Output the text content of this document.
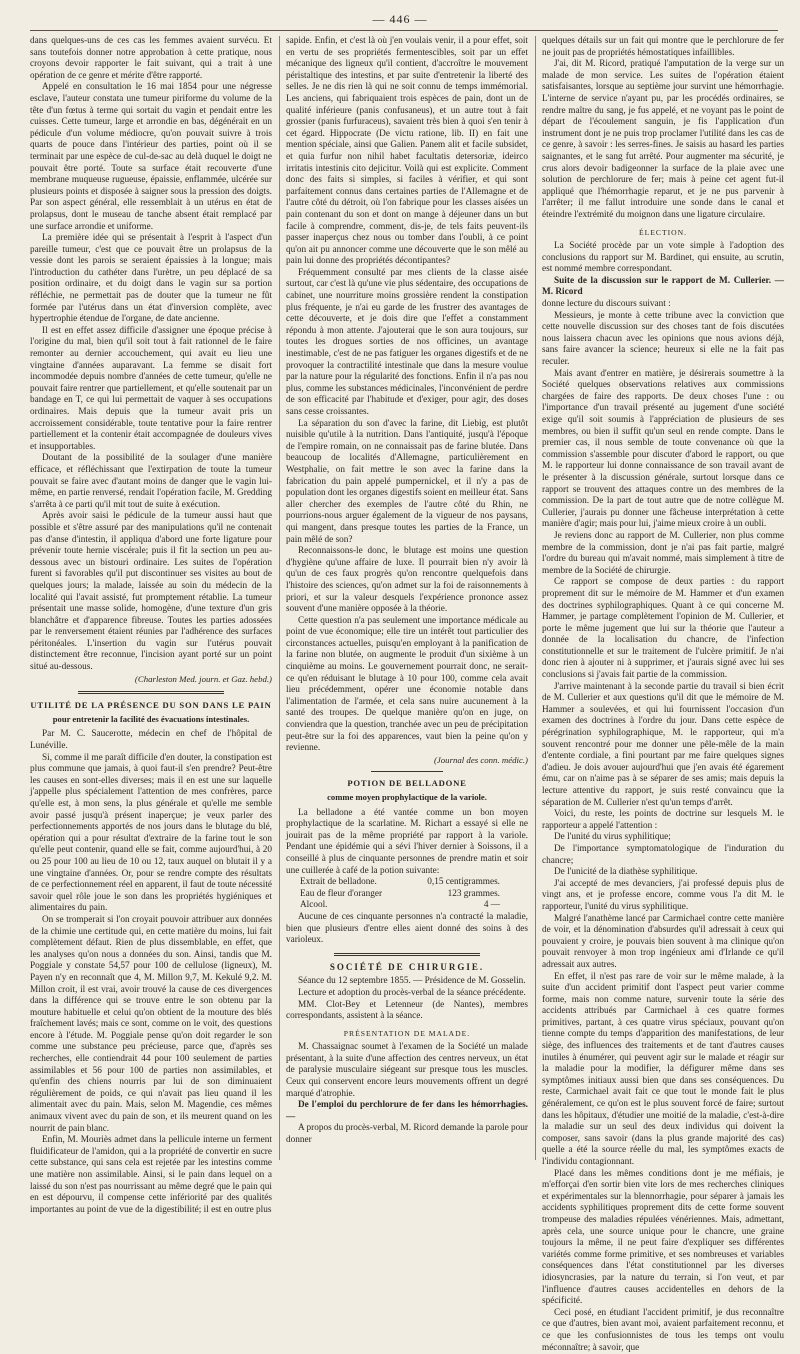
— 446 —

dans quelques-uns de ces cas les femmes avaient survécu. Et sans toutefois donner notre approbation à cette pratique, nous croyons devoir rapporter le fait suivant, qui a trait à une opération de ce genre et mérite d'être rapporté.

Appelé en consultation le 16 mai 1854 pour une négresse esclave, l'auteur constata une tumeur piriforme du volume de la tête d'un fœtus à terme qui sortait du vagin et pendait entre les cuisses. Cette tumeur, large et arrondie en bas, dégénérait en un pédicule d'un volume médiocre, qu'on pouvait suivre à trois quarts de pouce dans l'intérieur des parties, point où il se terminait par une espèce de cul-de-sac au delà duquel le doigt ne pouvait être porté. Toute sa surface était recouverte d'une membrane muqueuse rugueuse, épaissie, enflammée, ulcérée sur plusieurs points et disposée à saigner sous la pression des doigts. Par son aspect général, elle ressemblait à un utérus en état de prolapsus, dont le museau de tanche absent était remplacé par une surface arrondie et uniforme.

La première idée qui se présentait à l'esprit à l'aspect d'un pareille tumeur, c'est que ce pouvait être un prolapsus de la vessie dont les parois se seraient épaissies à la longue; mais l'introduction du cathéter dans l'urètre, un peu déplacé de sa position ordinaire, et du doigt dans le vagin sur sa portion réfléchie, ne permettait pas de douter que la tumeur ne fût formée par l'utérus dans un état d'inversion complète, avec hypertrophie étendue de l'organe, de date ancienne.

Il est en effet assez difficile d'assigner une époque précise à l'origine du mal, bien qu'il soit tout à fait rationnel de le faire remonter au dernier accouchement, qui avait eu lieu une vingtaine d'années auparavant. La femme se disait fort incommodée depuis nombre d'années de cette tumeur, qu'elle ne pouvait faire rentrer que partiellement, et qu'elle soutenait par un bandage en T, ce qui lui permettait de vaquer à ses occupations ordinaires. Mais depuis que la tumeur avait pris un accroissement considérable, toute tentative pour la faire rentrer partiellement et la contenir était accompagnée de douleurs vives et insupportables.

Doutant de la possibilité de la soulager d'une manière efficace, et réfléchissant que l'extirpation de toute la tumeur pouvait se faire avec d'autant moins de danger que le vagin lui-même, en partie renversé, rendait l'opération facile, M. Gredding s'arrêta à ce parti qu'il mit tout de suite à exécution.

Après avoir saisi le pédicule de la tumeur aussi haut que possible et s'être assuré par des manipulations qu'il ne contenait pas d'anse d'intestin, il appliqua d'abord une forte ligature pour prévenir toute hernie viscérale; puis il fit la section un peu au-dessous avec un bistouri ordinaire. Les suites de l'opération furent si favorables qu'il put discontinuer ses visites au bout de quelques jours; la malade, laissée au soin du médecin de la localité qui l'avait assisté, fut promptement rétablie. La tumeur présentait une masse solide, homogène, d'une texture d'un gris blanchâtre et d'apparence fibreuse. Toutes les parties adossées par le renversement étaient réunies par l'adhérence des surfaces péritonéales. L'insertion du vagin sur l'utérus pouvait distinctement être reconnue, l'incision ayant porté sur un point situé au-dessous.

(Charleston Med. journ. et Gaz. hebd.)
UTILITÉ DE LA PRÉSENCE DU SON DANS LE PAIN
pour entretenir la facilité des évacuations intestinales.

Par M. C. Saucerotte, médecin en chef de l'hôpital de Lunéville.

Si, comme il me paraît difficile d'en douter, la constipation est plus commune que jamais, à quoi faut-il s'en prendre? Peut-être les causes en sont-elles diverses; mais il en est une sur laquelle j'appelle plus spécialement l'attention de mes confrères, parce qu'elle est, à mon sens, la plus générale et qu'elle me semble avoir passé jusqu'à présent inaperçue; je veux parler des perfectionnements apportés de nos jours dans le blutage du blé, opération qui a pour résultat d'extraire de la farine tout le son qu'elle peut contenir, quand elle se fait, comme aujourd'hui, à 20 ou 25 pour 100 au lieu de 10 ou 12, taux auquel on blutait il y a une vingtaine d'années. Or, pour se rendre compte des résultats de ce perfectionnement réel en apparent, il faut de toute nécessité savoir quel rôle joue le son dans les propriétés hygiéniques et alimentaires du pain.

On se tromperait si l'on croyait pouvoir attribuer aux données de la chimie une certitude qui, en cette matière du moins, lui fait complètement défaut. Rien de plus dissemblable, en effet, que les analyses qu'on nous a données du son. Ainsi, tandis que M. Poggiale y constate 54,57 pour 100 de cellulose (ligneux), M. Payen n'y en reconnaît que 4, M. Millon 9,7, M. Kekulé 9,2. M. Millon croit, il est vrai, avoir trouvé la cause de ces divergences dans la différence qui se trouve entre le son obtenu par la mouture habituelle et celui qu'on obtient de la mouture des blés fraîchement lavés; mais ce sont, comme on le voit, des questions encore à l'étude. M. Poggiale pense qu'on doit regarder le son comme une substance peu précieuse, parce que, d'après ses recherches, elle contiendrait 44 pour 100 seulement de parties assimilables et 56 pour 100 de parties non assimilables, et qu'enfin des chiens nourris par lui de son diminuaient régulièrement de poids, ce qui n'avait pas lieu quand il les alimentait avec du pain. Mais, selon M. Magendie, ces mêmes animaux vivent avec du pain de son, et ils meurent quand on les nourrit de pain blanc.

Enfin, M. Mouriès admet dans la pellicule interne un ferment fluidificateur de l'amidon, qui a la propriété de convertir en sucre cette substance, qui sans cela est rejetée par les intestins comme une matière non assimilable. Ainsi, si le pain dans lequel on a laissé du son n'est pas nourrissant au même degré que le pain qui en est dépourvu, il compense cette infériorité par des qualités importantes au point de vue de la digestibilité; il est en outre plus

sapide. Enfin, et c'est là où j'en voulais venir, il a pour effet, soit en vertu de ses propriétés fermentescibles, soit par un effet mécanique des ligneux qu'il contient, d'accroître le mouvement péristaltique des intestins, et par suite d'entretenir la liberté des selles. Je ne dis rien là qui ne soit connu de temps immémorial. Les anciens, qui fabriquaient trois espèces de pain, dont un de qualité inférieure (panis confusaneus), et un autre tout à fait grossier (panis furfuraceus), savaient très bien à quoi s'en tenir à cet égard. Hippocrate (De victu ratione, lib. II) en fait une mention spéciale, ainsi que Galien. Panem alit et facile subsidet, et quia furfur non nihil habet facultatis detersoriæ, ideirco irritatis intestinis cito dejicitur. Voilà qui est explicite. Comment donc des faits si simples, si faciles à vérifier, et qui sont parfaitement connus dans certaines parties de l'Allemagne et de l'autre côté du détroit, où l'on fabrique pour les classes aisées un pain contenant du son et dont on mange à déjeuner dans un but facile à comprendre, comment, dis-je, de tels faits peuvent-ils passer inaperçus chez nous ou tomber dans l'oubli, à ce point qu'on ait pu annoncer comme une découverte que le son mêlé au pain lui donne des propriétés décontipantes?

Fréquemment consulté par mes clients de la classe aisée surtout, car c'est là qu'une vie plus sédentaire, des occupations de cabinet, une nourriture moins grossière rendent la constipation plus fréquente, je n'ai eu garde de les frustrer des avantages de cette découverte, et je dois dire que l'effet a constamment répondu à mon attente. J'ajouterai que le son aura toujours, sur toutes les drogues sorties de nos officines, un avantage inestimable, c'est de ne pas fatiguer les organes digestifs et de ne provoquer la contractilité intestinale que dans la mesure voulue par la nature pour la régularité des fonctions. Enfin il n'a pas nou plus, comme les substances médicinales, l'inconvénient de perdre de son efficacité par l'habitude et d'exiger, pour agir, des doses sans cesse croissantes.

La séparation du son d'avec la farine, dit Liebig, est plutôt nuisible qu'utile à la nutrition. Dans l'antiquité, jusqu'à l'époque de l'empire romain, on ne connaissait pas de farine blutée. Dans beaucoup de localités d'Allemagne, particulièrement en Westphalie, on fait mettre le son avec la farine dans la fabrication du pain appelé pumpernickel, et il n'y a pas de population dont les organes digestifs soient en meilleur état. Sans aller chercher des exemples de l'autre côté du Rhin, ne pourrions-nous arguer également de la vigueur de nos paysans, qui mangent, dans presque toutes les parties de la France, un pain mêlé de son?

Reconnaissons-le donc, le blutage est moins une question d'hygiène qu'une affaire de luxe. Il pourrait bien n'y avoir là qu'un de ces faux progrès qu'on rencontre quelquefois dans l'histoire des sciences, qu'on admet sur la foi de raisonnements à priori, et sur la valeur desquels l'expérience prononce assez souvent d'une manière opposée à la théorie.

Cette question n'a pas seulement une importance médicale au point de vue économique; elle tire un intérêt tout particulier des circonstances actuelles, puisqu'en employant à la panification de la farine non blutée, on augmente le produit d'un sixième à un cinquième au moins. Le gouvernement pourrait donc, ne serait-ce qu'en réduisant le blutage à 10 pour 100, comme cela avait lieu précédemment, opérer une économie notable dans l'alimentation de l'armée, et cela sans nuire aucunement à la santé des troupes. De quelque manière qu'on en juge, on conviendra que la question, tranchée avec un peu de précipitation peut-être sur la foi des apparences, vaut bien la peine qu'on y revienne.

(Journal des conn. médic.)
POTION DE BELLADONE
comme moyen prophylactique de la variole.

La belladone a été vantée comme un bon moyen prophylactique de la scarlatine. M. Richart a essayé si elle ne jouirait pas de la même propriété par rapport à la variole. Pendant une épidémie qui a sévi l'hiver dernier à Soissons, il a conseillé à plus de cinquante personnes de prendre matin et soir une cuillerée à café de la potion suivante:

Extrait de belladone.	0,15 centigrammes.
Eau de fleur d'oranger	123 grammes.
Alcool.	4 —

Aucune de ces cinquante personnes n'a contracté la maladie, bien que plusieurs d'entre elles aient donné des soins à des varioleux.

SOCIÉTÉ DE CHIRURGIE.

Séance du 12 septembre 1855. — Présidence de M. Gosselin.

Lecture et adoption du procès-verbal de la séance précédente.

MM. Clot-Bey et Letenneur (de Nantes), membres correspondants, assistent à la séance.

PRÉSENTATION DE MALADE.

M. Chassaignac soumet à l'examen de la Société un malade présentant, à la suite d'une affection des centres nerveux, un état de paralysie musculaire siégeant sur presque tous les muscles. Ceux qui conservent encore leurs mouvements offrent un degré marqué d'atrophie.

De l'emploi du perchlorure de fer dans les hémorrhagies. —

A propos du procès-verbal, M. Ricord demande la parole pour donner

quelques détails sur un fait qui montre que le perchlorure de fer ne jouit pas de propriétés hémostatiques infaillibles.

J'ai, dit M. Ricord, pratiqué l'amputation de la verge sur un malade de mon service. Les suites de l'opération étaient satisfaisantes, lorsque au septième jour survint une hémorrhagie. L'interne de service n'ayant pu, par les procédés ordinaires, se rendre maître du sang, je fus appelé, et ne voyant pas le point de départ de l'écoulement sanguin, je fis l'application d'un instrument dont je ne puis trop proclamer l'utilité dans les cas de ce genre, à savoir : les serres-fines. Je saisis au hasard les parties saignantes, et le sang fut arrêté. Pour augmenter ma sécurité, je crus alors devoir badigeonner la surface de la plaie avec une solution de perchlorure de fer; mais à peine cet agent fut-il appliqué que l'hémorrhagie reparut, et je ne pus parvenir à l'arrêter; il me fallut introduire une sonde dans le canal et éteindre l'extrémité du moignon dans une ligature circulaire.

ÉLECTION.

La Société procède par un vote simple à l'adoption des conclusions du rapport sur M. Bardinet, qui ensuite, au scrutin, est nommé membre correspondant.

Suite de la discussion sur le rapport de M. Cullerier. — M. Ricord

donne lecture du discours suivant :

Messieurs, je monte à cette tribune avec la conviction que cette nouvelle discussion sur des choses tant de fois discutées nous laissera chacun avec les opinions que nous avions déjà, sans faire avancer la science; heureux si elle ne la fait pas reculer.

Mais avant d'entrer en matière, je désirerais soumettre à la Société quelques observations relatives aux commissions chargées de faire des rapports. De deux choses l'une : ou l'importance d'un travail présenté au jugement d'une société exige qu'il soit soumis à l'appréciation de plusieurs de ses membres, ou bien il suffit qu'un seul en rende compte. Dans le premier cas, il nous semble de toute convenance où que la commission s'assemble pour discuter d'abord le rapport, ou que M. le rapporteur lui donne connaissance de son travail avant de le présenter à la discussion générale, surtout lorsque dans ce rapport se trouvent des attaques contre un des membres de la commission. De la part de tout autre que de notre collègue M. Cullerier, j'aurais pu donner une fâcheuse interprétation à cette manière d'agir; mais pour lui, j'aime mieux croire à un oubli.

Je reviens donc au rapport de M. Cullerier, non plus comme membre de la commission, dont je n'ai pas fait partie, malgré l'ordre du bureau qui m'avait nommé, mais simplement à titre de membre de la Société de chirurgie.

Ce rapport se compose de deux parties : du rapport proprement dit sur le mémoire de M. Hammer et d'un examen des doctrines syphilographiques. Quant à ce qui concerne M. Hammer, je partage complètement l'opinion de M. Cullerier, et porte le même jugement que lui sur la théorie que l'auteur a donnée de la localisation du chancre, de l'infection constitutionnelle et sur le traitement de l'ulcère primitif. Je n'ai donc rien à ajouter ni à supprimer, et j'aurais signé avec lui ses conclusions si j'avais fait partie de la commission.

J'arrive maintenant à la seconde partie du travail si bien écrit de M. Cullerier et aux questions qu'il dit que le mémoire de M. Hammer a soulevées, et qui lui fournissent l'occasion d'un examen des doctrines à l'ordre du jour. Dans cette espèce de pérégrination syphilographique, M. le rapporteur, qui m'a souvent rencontré pour me donner une pêle-mêle de la main d'entente cordiale, a fini pourtant par me faire quelques signes d'adieu. Je dois avouer aujourd'hui que j'en avais été égarement ému, car on n'aime pas à se séparer de ses amis; mais depuis la lecture attentive du rapport, je suis resté convaincu que la séparation de M. Cullerier n'est qu'un temps d'arrêt.

Voici, du reste, les points de doctrine sur lesquels M. le rapporteur a appelé l'attention :

De l'unité du virus syphilitique;

De l'importance symptomatologique de l'induration du chancre;

De l'unicité de la diathèse syphilitique.

J'ai accepté de mes devanciers, j'ai professé depuis plus de vingt ans, et je professe encore, comme vous l'a dit M. le rapporteur, l'unité du virus syphilitique.

Malgré l'anathème lancé par Carmichael contre cette manière de voir, et la dénomination d'absurdes qu'il adressait à ceux qui pouvaient y croire, je pouvais bien souvent à ma clinique qu'on pouvait renvoyer à mon trop ingénieux ami d'Irlande ce qu'il adressait aux autres.

En effet, il n'est pas rare de voir sur le même malade, à la suite d'un accident primitif dont l'aspect peut varier comme forme, mais non comme nature, survenir toute la série des accidents attribués par Carmichael à ces quatre formes primitives, partant, à ces quatre virus spéciaux, pouvant qu'on tienne compte du temps d'apparition des manifestations, de leur siège, des influences des traitements et de tant d'autres causes inutiles à énumérer, qui peuvent agir sur le malade et réagir sur la maladie pour la modifier, la défigurer même dans ses symptômes initiaux aussi bien que dans ses conséquences. Du reste, Carmichael avait fait ce que tout le monde fait le plus généralement, ce qu'on est le plus souvent forcé de faire; surtout dans les hôpitaux, d'étudier une moitié de la maladie, c'est-à-dire la maladie sur un seul des deux individus qui doivent la composer, sans savoir (dans la plus grande majorité des cas) quelle a été la source réelle du mal, les symptômes exacts de l'individu contagionnant.

Placé dans les mêmes conditions dont je me méfiais, je m'efforçai d'en sortir bien vite lors de mes recherches cliniques et expérimentales sur la blennorrhagie, pour séparer à jamais les accidents syphilitiques proprement dits de cette forme souvent trompeuse des maladies répulées vénériennes. Mais, admettant, après cela, une source unique pour le chancre, une graine toujours la même, il ne peut faire d'expliquer ses différentes variétés comme forme primitive, et ses nombreuses et variables conséquences dans l'état constitutionnel par les diverses idiosyncrasies, par la nature du terrain, si l'on veut, et par l'influence d'autres causes accidentelles en dehors de la spécificité.

Ceci posé, en étudiant l'accident primitif, je dus reconnaître ce que d'autres, bien avant moi, avaient parfaitement reconnu, et ce que les confusionnistes de tous les temps ont voulu méconnaître; à savoir, que
